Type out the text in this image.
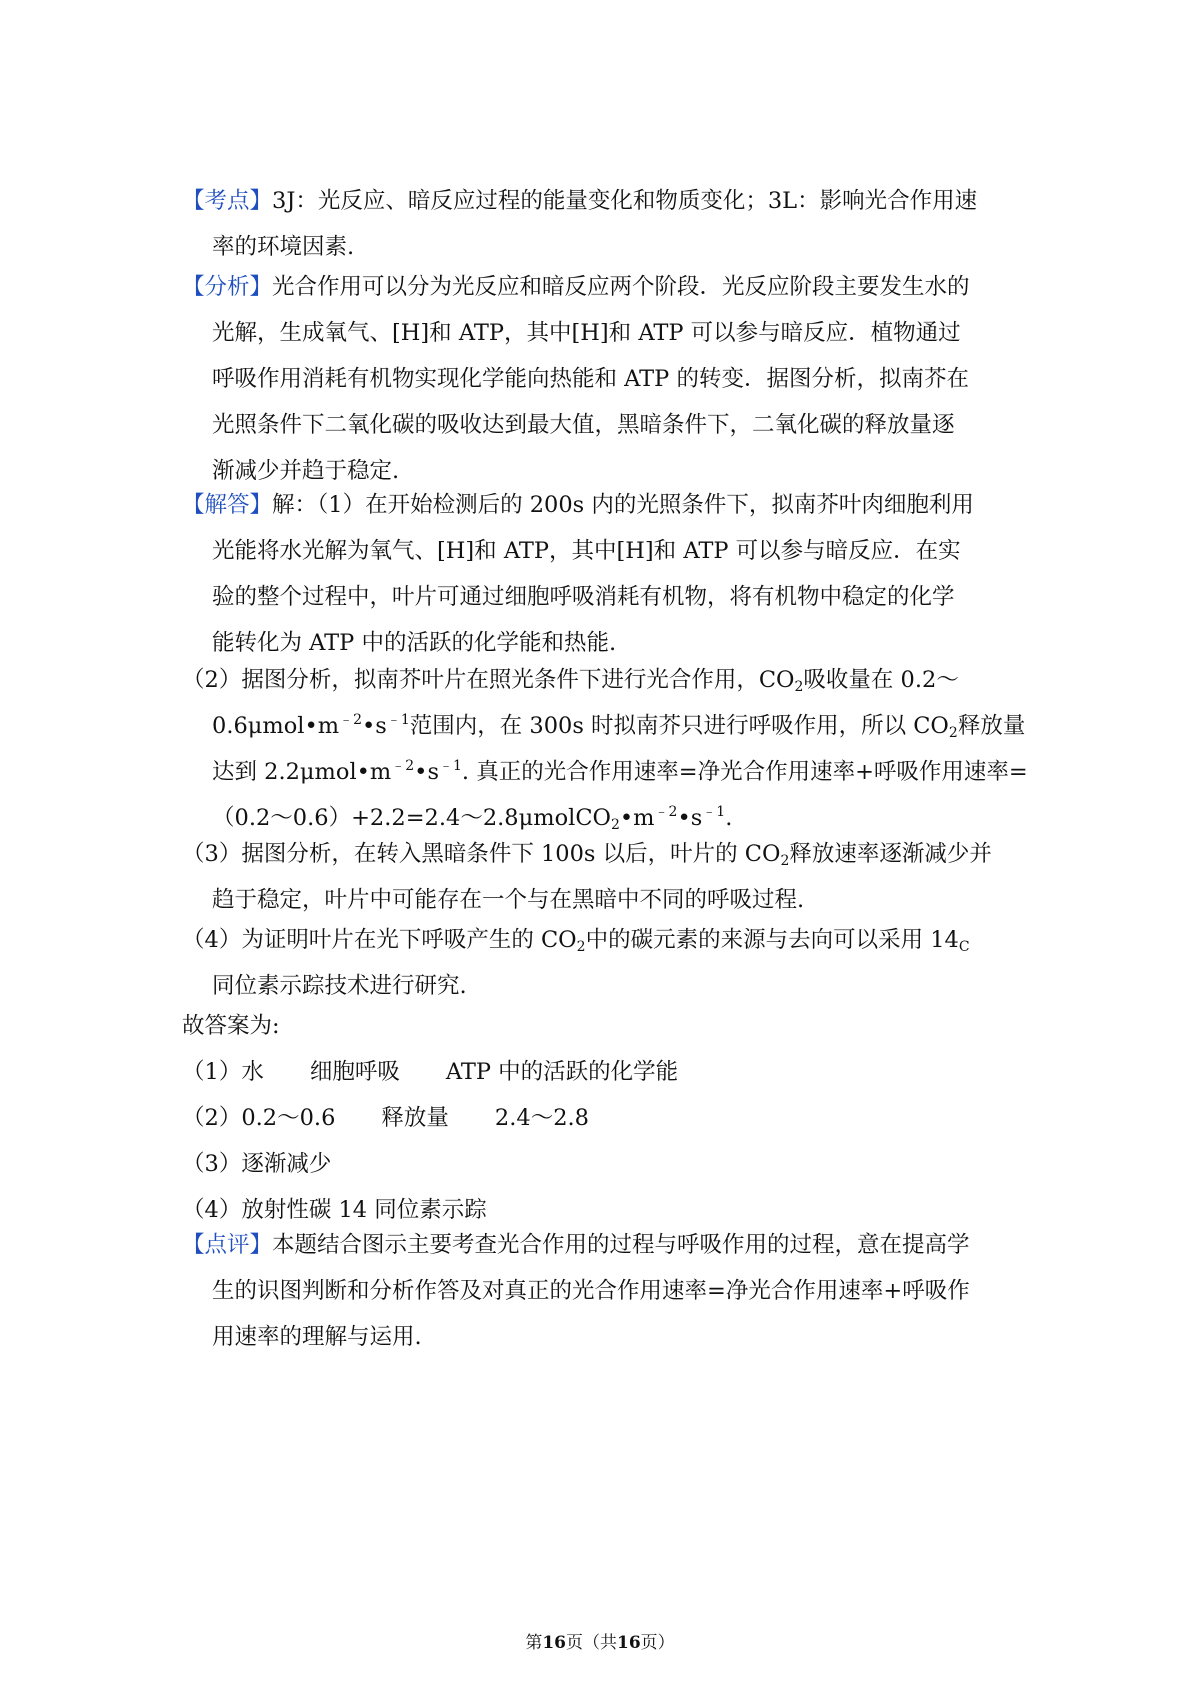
【考点】3J：光反应、暗反应过程的能量变化和物质变化；3L：影响光合作用速
率的环境因素.
【分析】光合作用可以分为光反应和暗反应两个阶段．光反应阶段主要发生水的
光解，生成氧气、[H]和 ATP，其中[H]和 ATP 可以参与暗反应．植物通过
呼吸作用消耗有机物实现化学能向热能和 ATP 的转变．据图分析，拟南芥在
光照条件下二氧化碳的吸收达到最大值，黑暗条件下，二氧化碳的释放量逐
渐减少并趋于稳定.
【解答】解：（1）在开始检测后的 200s 内的光照条件下，拟南芥叶肉细胞利用
光能将水光解为氧气、[H]和 ATP，其中[H]和 ATP 可以参与暗反应．在实
验的整个过程中，叶片可通过细胞呼吸消耗有机物，将有机物中稳定的化学
能转化为 ATP 中的活跃的化学能和热能.
（2）据图分析，拟南芥叶片在照光条件下进行光合作用，$CO_2$吸收量在 0.2～
$0.6\mu mol•m^{﹣2}•s^{﹣1}$范围内，在 300s 时拟南芥只进行呼吸作用，所以 $CO_2$释放量
达到 $2.2\mu mol•m^{﹣2}•s^{﹣1}$. 真正的光合作用速率=净光合作用速率+呼吸作用速率=
$(0.2\sim 0.6)+2.2=2.4\sim 2.8\mu molCO_2•m^{﹣2}•s^{﹣1}$.
（3）据图分析，在转入黑暗条件下 100s 以后，叶片的 $CO_2$释放速率逐渐减少并
趋于稳定，叶片中可能存在一个与在黑暗中不同的呼吸过程.
（4）为证明叶片在光下呼吸产生的 $CO_2$中的碳元素的来源与去向可以采用 $14_C$
同位素示踪技术进行研究.
故答案为:
（1）水 细胞呼吸 ATP 中的活跃的化学能
（2）0.2～0.6 释放量 2.4～2.8
（3）逐渐减少
（4）放射性碳 14 同位素示踪
【点评】本题结合图示主要考查光合作用的过程与呼吸作用的过程，意在提高学
生的识图判断和分析作答及对真正的光合作用速率=净光合作用速率+呼吸作
用速率的理解与运用.
第16页（共16页）
